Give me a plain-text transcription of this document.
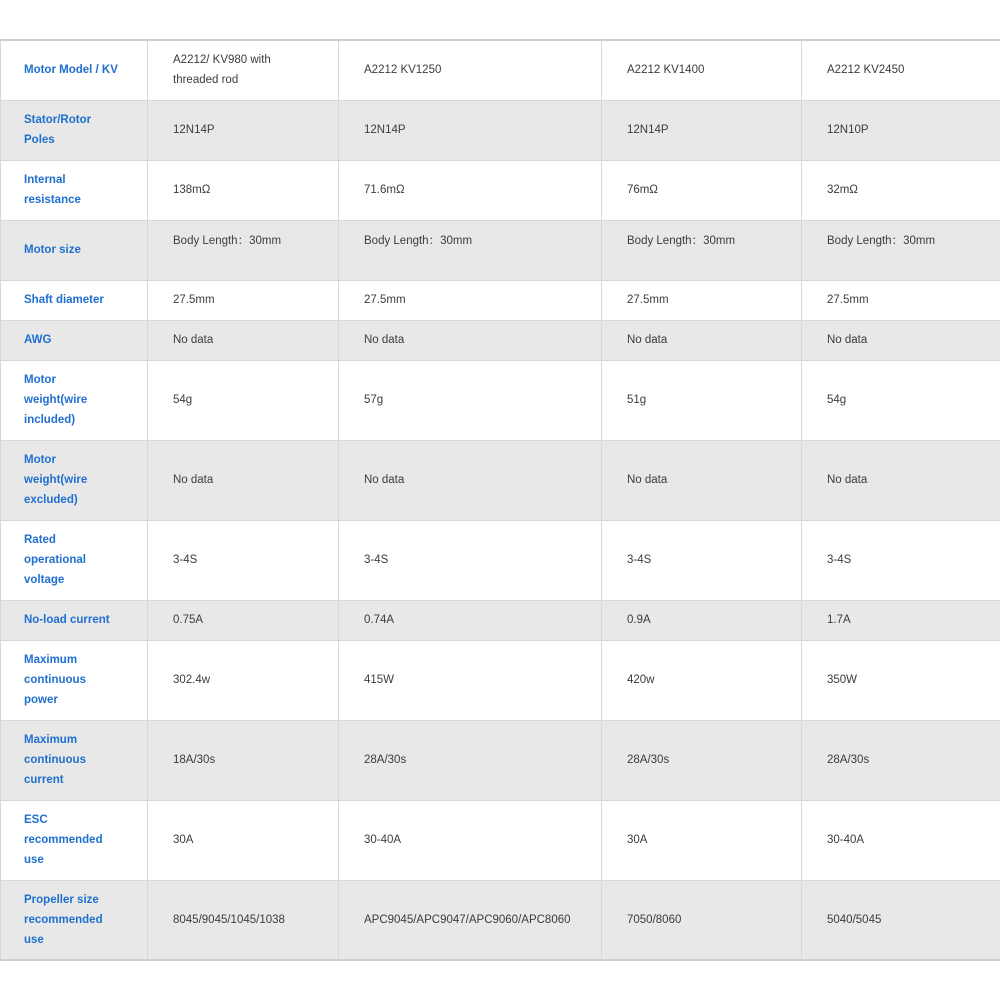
Motor Model / KV	A2212/ KV980 with threaded rod	A2212 KV1250	A2212 KV1400	A2212 KV2450
Stator/Rotor Poles	12N14P	12N14P	12N14P	12N10P
Internal resistance	138mΩ	71.6mΩ	76mΩ	32mΩ
Motor size	Body Length：30mm	Body Length：30mm	Body Length：30mm	Body Length：30mm
Shaft diameter	27.5mm	27.5mm	27.5mm	27.5mm
AWG	No data	No data	No data	No data
Motor weight(wire included)	54g	57g	51g	54g
Motor weight(wire excluded)	No data	No data	No data	No data
Rated operational voltage	3-4S	3-4S	3-4S	3-4S
No-load current	0.75A	0.74A	0.9A	1.7A
Maximum continuous power	302.4w	415W	420w	350W
Maximum continuous current	18A/30s	28A/30s	28A/30s	28A/30s
ESC recommended use	30A	30-40A	30A	30-40A
Propeller size recommended use	8045/9045/1045/1038	APC9045/APC9047/APC9060/APC8060	7050/8060	5040/5045
